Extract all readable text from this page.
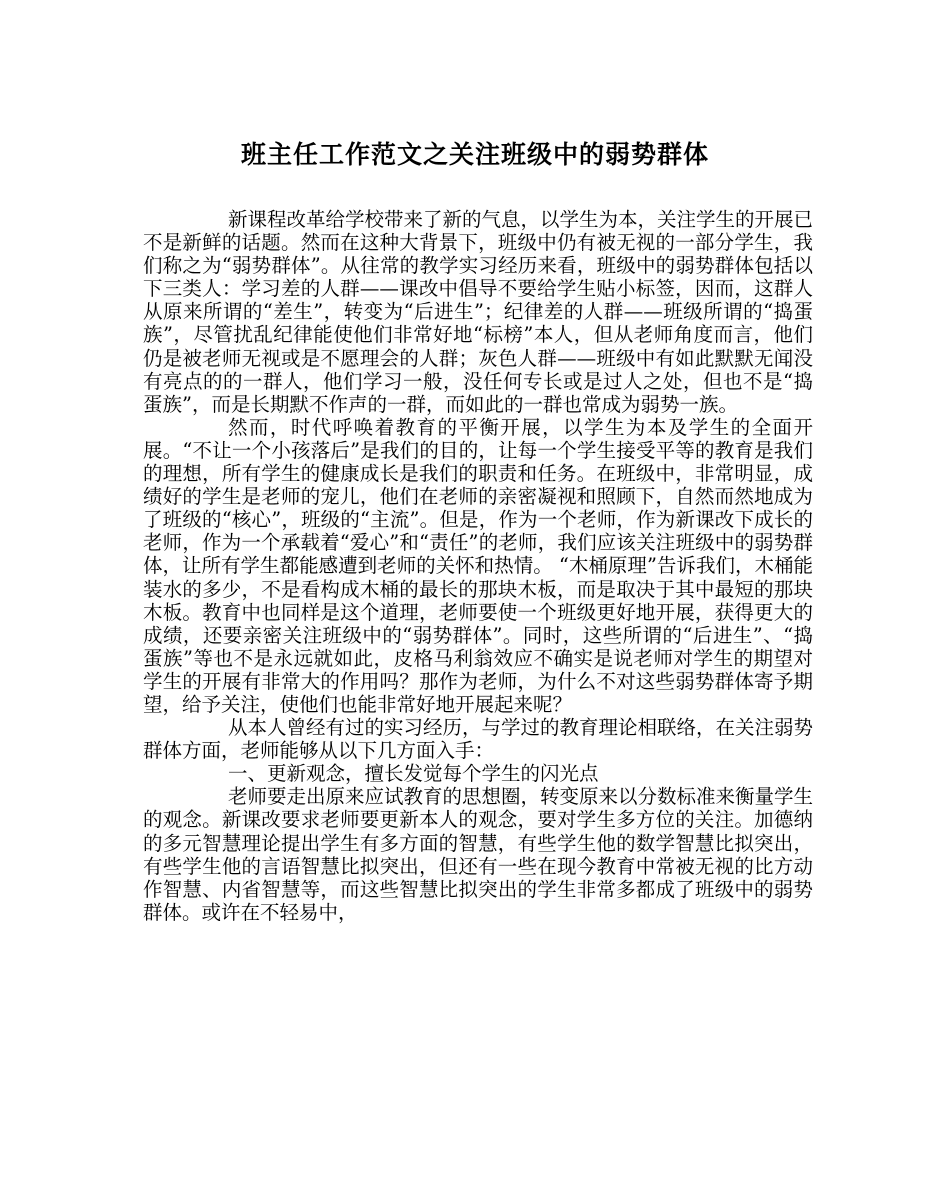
班主任工作范文之关注班级中的弱势群体

新课程改革给学校带来了新的气息，以学生为本，关注学生的开展已不是新鲜的话题。然而在这种大背景下，班级中仍有被无视的一部分学生，我们称之为“弱势群体”。从往常的教学实习经历来看，班级中的弱势群体包括以下三类人：学习差的人群——课改中倡导不要给学生贴小标签，因而，这群人从原来所谓的“差生”，转变为“后进生”；纪律差的人群——班级所谓的“捣蛋族”，尽管扰乱纪律能使他们非常好地“标榜”本人，但从老师角度而言，他们仍是被老师无视或是不愿理会的人群；灰色人群——班级中有如此默默无闻没有亮点的的一群人，他们学习一般，没任何专长或是过人之处，但也不是“捣蛋族”，而是长期默不作声的一群，而如此的一群也常成为弱势一族。

然而，时代呼唤着教育的平衡开展，以学生为本及学生的全面开展。“不让一个小孩落后”是我们的目的，让每一个学生接受平等的教育是我们的理想，所有学生的健康成长是我们的职责和任务。在班级中，非常明显，成绩好的学生是老师的宠儿，他们在老师的亲密凝视和照顾下，自然而然地成为了班级的“核心”，班级的“主流”。但是，作为一个老师，作为新课改下成长的老师，作为一个承载着“爱心”和“责任”的老师，我们应该关注班级中的弱势群体，让所有学生都能感遭到老师的关怀和热情。 “木桶原理”告诉我们，木桶能装水的多少，不是看构成木桶的最长的那块木板，而是取决于其中最短的那块木板。教育中也同样是这个道理，老师要使一个班级更好地开展，获得更大的成绩，还要亲密关注班级中的“弱势群体”。同时，这些所谓的“后进生”、“捣蛋族”等也不是永远就如此，皮格马利翁效应不确实是说老师对学生的期望对学生的开展有非常大的作用吗？那作为老师，为什么不对这些弱势群体寄予期望，给予关注，使他们也能非常好地开展起来呢？

从本人曾经有过的实习经历，与学过的教育理论相联络，在关注弱势群体方面，老师能够从以下几方面入手：

一、更新观念，擅长发觉每个学生的闪光点

老师要走出原来应试教育的思想圈，转变原来以分数标准来衡量学生的观念。新课改要求老师要更新本人的观念，要对学生多方位的关注。加德纳的多元智慧理论提出学生有多方面的智慧，有些学生他的数学智慧比拟突出，有些学生他的言语智慧比拟突出，但还有一些在现今教育中常被无视的比方动作智慧、内省智慧等，而这些智慧比拟突出的学生非常多都成了班级中的弱势群体。或许在不轻易中，
